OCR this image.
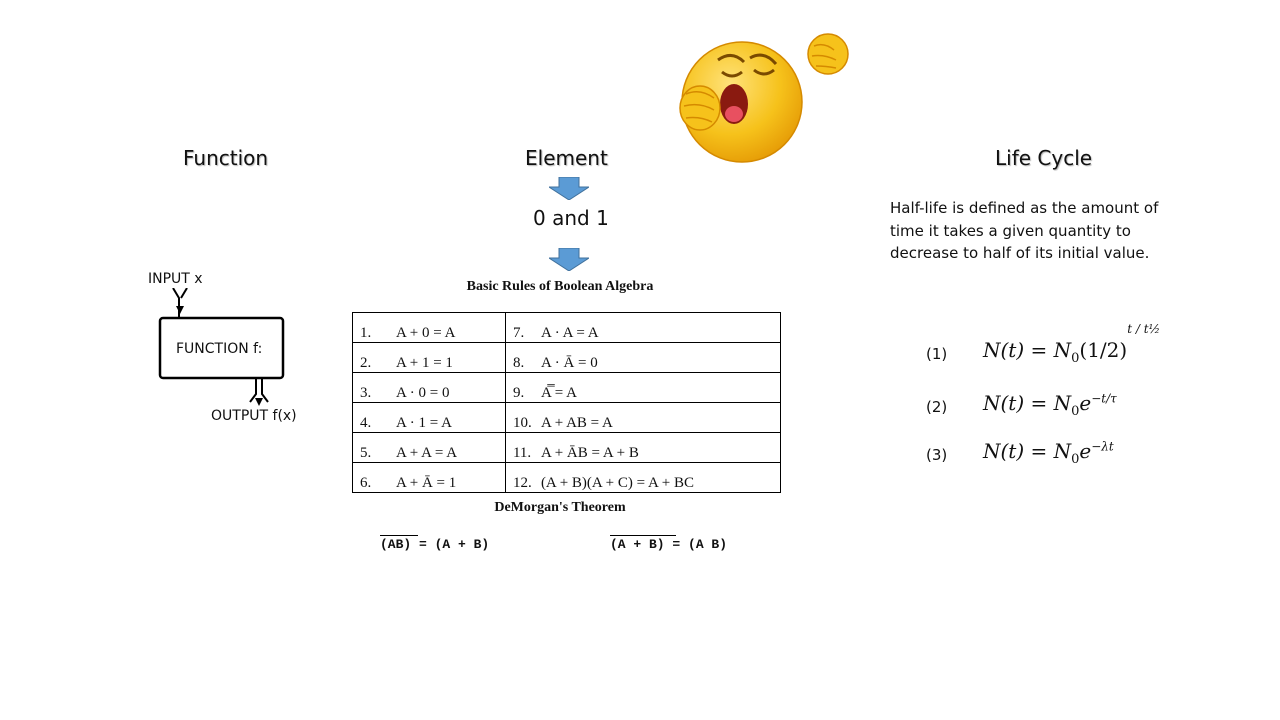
Function	Element	Life Cycle
0 and 1
Basic Rules of Boolean Algebra
1. A + 0 = A	7. A · A = A
2. A + 1 = 1	8. A · Ā = 0
3. A · 0 = 0	9. A̿ = A
4. A · 1 = A	10. A + AB = A
5. A + A = A	11. A + ĀB = A + B
6. A + Ā = 1	12. (A + B)(A + C) = A + BC
DeMorgan's Theorem
(AB) = (A + B)	(A + B) = (A B)
INPUT x
FUNCTION f:
OUTPUT f(x)
Half-life is defined as the amount of time it takes a given quantity to decrease to half of its initial value.
(1) $N(t) = N_0(1/2)^{t / t\frac{1}{2}}$
(2) $N(t) = N_0e^{-t/\tau}$
(3) $N(t) = N_0e^{-\lambda t}$
